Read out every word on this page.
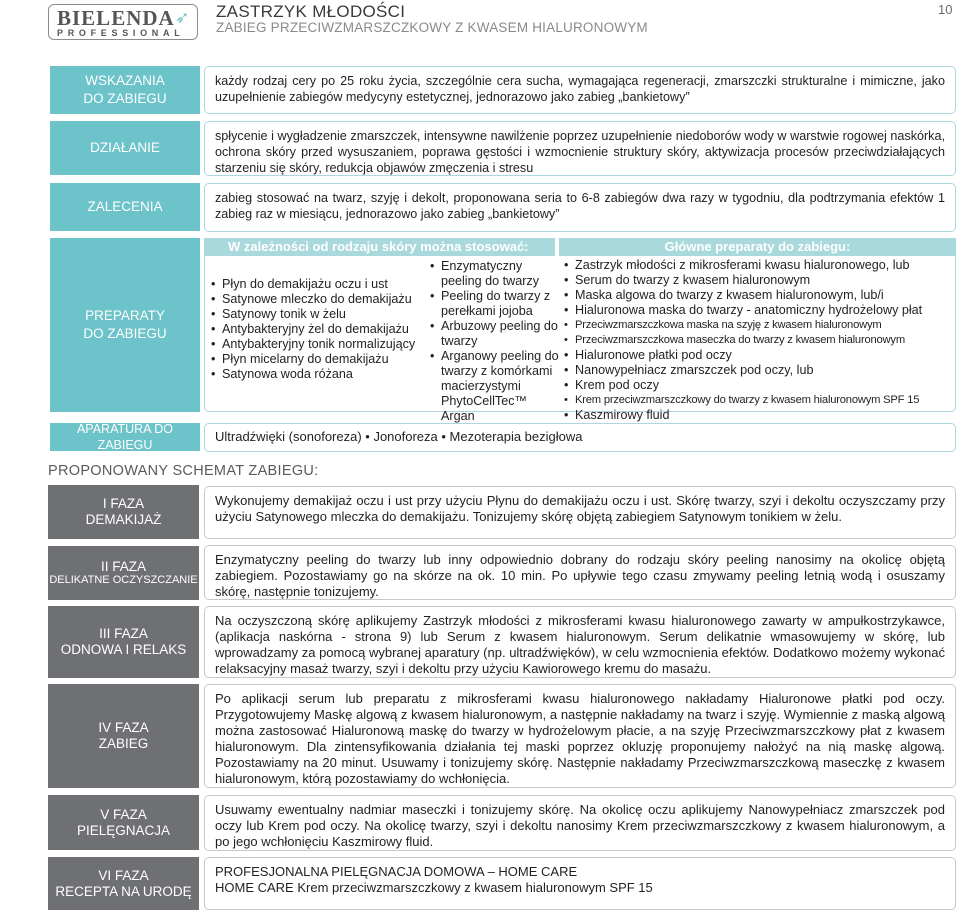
BIELENDA ➶
PROFESSIONAL
ZASTRZYK MŁODOŚCI
ZABIEG PRZECIWZMARSZCZKOWY Z KWASEM HIALURONOWYM
10
WSKAZANIA
DO ZABIEGU
każdy rodzaj cery po 25 roku życia, szczególnie cera sucha, wymagająca regeneracji, zmarszczki strukturalne i mimiczne, jako uzupełnienie zabiegów medycyny estetycznej, jednorazowo jako zabieg „bankietowy”
DZIAŁANIE
spłycenie i wygładzenie zmarszczek, intensywne nawilżenie poprzez uzupełnienie niedoborów wody w warstwie rogowej naskórka, ochrona skóry przed wysuszaniem, poprawa gęstości i wzmocnienie struktury skóry, aktywizacja procesów przeciwdziałających starzeniu się skóry, redukcja objawów zmęczenia i stresu
ZALECENIA
zabieg stosować na twarz, szyję i dekolt, proponowana seria to 6-8 zabiegów dwa razy w tygodniu, dla podtrzymania efektów 1 zabieg raz w miesiącu, jednorazowo jako zabieg „bankietowy”
PREPARATY
DO ZABIEGU
W zależności od rodzaju skóry można stosować:	Główne preparaty do zabiegu:
• Płyn do demakijażu oczu i ust
• Satynowe mleczko do demakijażu
• Satynowy tonik w żelu
• Antybakteryjny żel do demakijażu
• Antybakteryjny tonik normalizujący
• Płyn micelarny do demakijażu
• Satynowa woda różana
• Enzymatyczny peeling do twarzy
• Peeling do twarzy z perełkami jojoba
• Arbuzowy peeling do twarzy
• Arganowy peeling do twarzy z komórkami macierzystymi PhytoCellTec™ Argan
• Zastrzyk młodości z mikrosferami kwasu hialuronowego, lub
• Serum do twarzy z kwasem hialuronowym
• Maska algowa do twarzy z kwasem hialuronowym, lub/i
• Hialuronowa maska do twarzy - anatomiczny hydrożelowy płat
• Przeciwzmarszczkowa maska na szyję z kwasem hialuronowym
• Przeciwzmarszczkowa maseczka do twarzy z kwasem hialuronowym
• Hialuronowe płatki pod oczy
• Nanowypełniacz zmarszczek pod oczy, lub
• Krem pod oczy
• Krem przeciwzmarszczkowy do twarzy z kwasem hialuronowym SPF 15
• Kaszmirowy fluid
APARATURA DO ZABIEGU
Ultradźwięki (sonoforeza) • Jonoforeza • Mezoterapia bezigłowa
PROPONOWANY SCHEMAT ZABIEGU:
I FAZA
DEMAKIJAŻ
Wykonujemy demakijaż oczu i ust przy użyciu Płynu do demakijażu oczu i ust. Skórę twarzy, szyi i dekoltu oczyszczamy przy użyciu Satynowego mleczka do demakijażu. Tonizujemy skórę objętą zabiegiem Satynowym tonikiem w żelu.
II FAZA
DELIKATNE OCZYSZCZANIE
Enzymatyczny peeling do twarzy lub inny odpowiednio dobrany do rodzaju skóry peeling nanosimy na okolicę objętą zabiegiem. Pozostawiamy go na skórze na ok. 10 min. Po upływie tego czasu zmywamy peeling letnią wodą i osuszamy skórę, następnie tonizujemy.
III FAZA
ODNOWA I RELAKS
Na oczyszczoną skórę aplikujemy Zastrzyk młodości z mikrosferami kwasu hialuronowego zawarty w ampułkostrzykawce, (aplikacja naskórna - strona 9) lub Serum z kwasem hialuronowym. Serum delikatnie wmasowujemy w skórę, lub wprowadzamy za pomocą wybranej aparatury (np. ultradźwięków), w celu wzmocnienia efektów. Dodatkowo możemy wykonać relaksacyjny masaż twarzy, szyi i dekoltu przy użyciu Kawiorowego kremu do masażu.
IV FAZA
ZABIEG
Po aplikacji serum lub preparatu z mikrosferami kwasu hialuronowego nakładamy Hialuronowe płatki pod oczy. Przygotowujemy Maskę algową z kwasem hialuronowym, a następnie nakładamy na twarz i szyję. Wymiennie z maską algową można zastosować Hialuronową maskę do twarzy w hydrożelowym płacie, a na szyję Przeciwzmarszczkowy płat z kwasem hialuronowym. Dla zintensyfikowania działania tej maski poprzez okluzję proponujemy nałożyć na nią maskę algową. Pozostawiamy na 20 minut. Usuwamy i tonizujemy skórę. Następnie nakładamy Przeciwzmarszczkową maseczkę z kwasem hialuronowym, którą pozostawiamy do wchłonięcia.
V FAZA
PIELĘGNACJA
Usuwamy ewentualny nadmiar maseczki i tonizujemy skórę. Na okolicę oczu aplikujemy Nanowypełniacz zmarszczek pod oczy lub Krem pod oczy. Na okolicę twarzy, szyi i dekoltu nanosimy Krem przeciwzmarszczkowy z kwasem hialuronowym, a po jego wchłonięciu Kaszmirowy fluid.
VI FAZA
RECEPTA NA URODĘ
PROFESJONALNA PIELĘGNACJA DOMOWA – HOME CARE
HOME CARE Krem przeciwzmarszczkowy z kwasem hialuronowym SPF 15
